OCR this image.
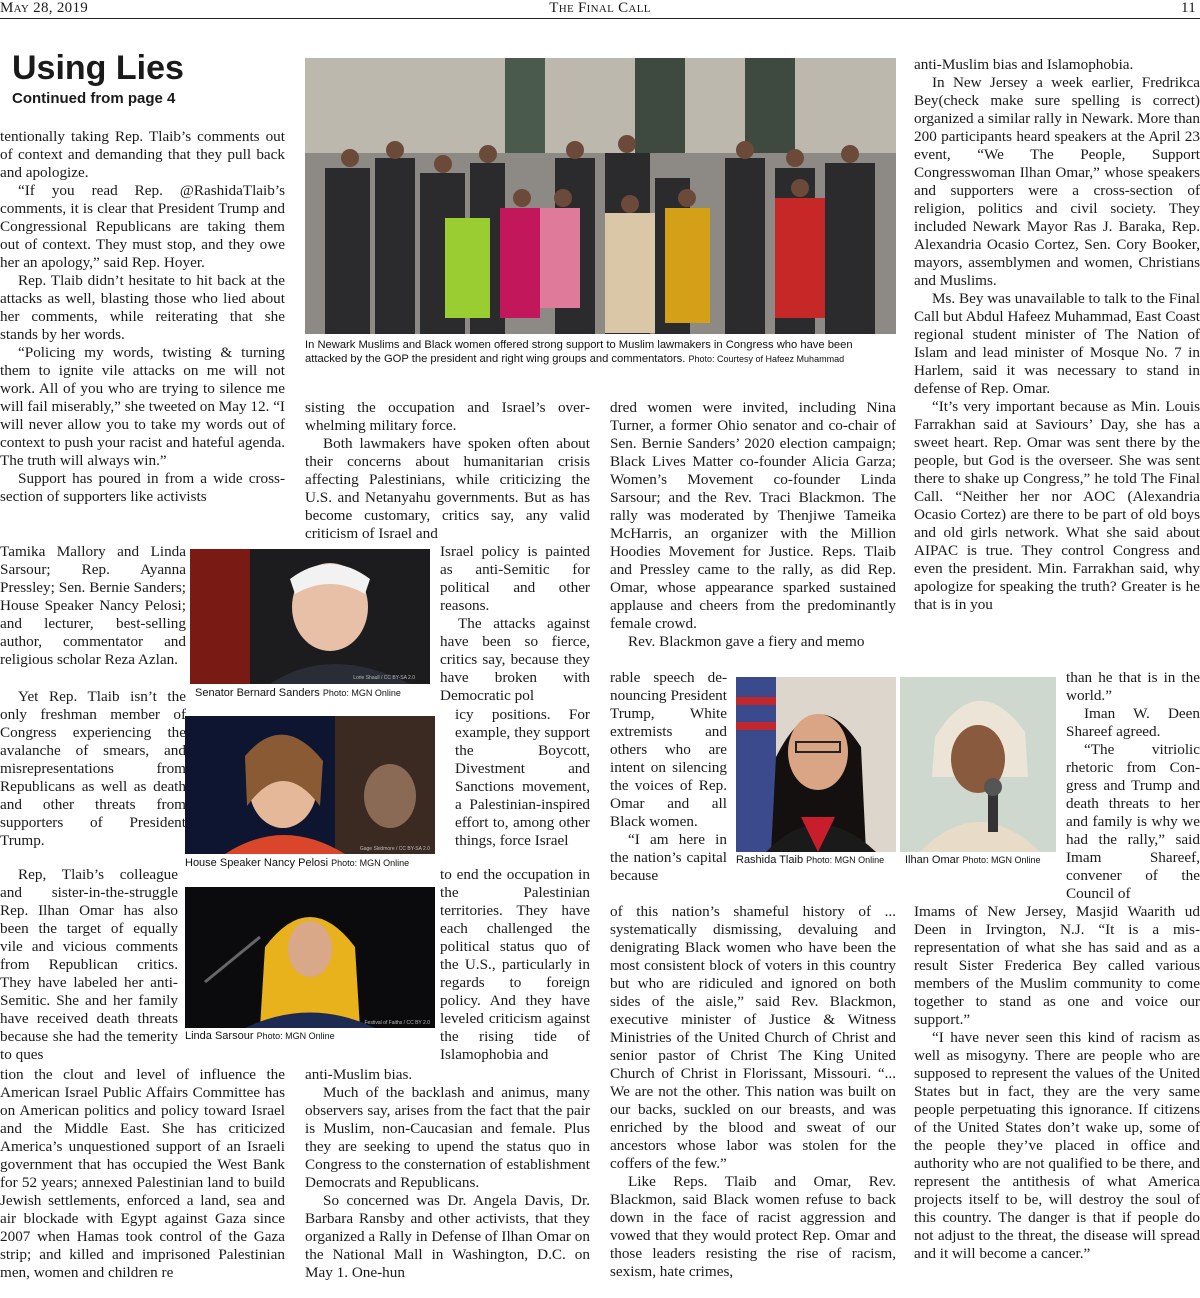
May 28, 2019	The Final Call	11
Using Lies
Continued from page 4
In Newark Muslims and Black women offered strong support to Muslim lawmakers in Congress who have been attacked by the GOP the president and right wing groups and commentators. Photo: Courtesy of Hafeez Muhammad
Lorie Shaull / CC BY-SA 2.0
Senator Bernard Sanders Photo: MGN Online
Gage Skidmore / CC BY-SA 2.0
House Speaker Nancy Pelosi Photo: MGN Online
Festival of Faiths / CC BY 2.0
Linda Sarsour Photo: MGN Online
Rashida Tlaib Photo: MGN Online	Ilhan Omar Photo: MGN Online

tentionally taking Rep. Tlaib’s comments out of context and demanding that they pull back and apologize.

“If you read Rep. @RashidaTlaib’s comments, it is clear that President Trump and Congressional Republicans are taking them out of context. They must stop, and they owe her an apology,” said Rep. Hoyer.

Rep. Tlaib didn’t hesitate to hit back at the attacks as well, blasting those who lied about her comments, while reiterating that she stands by her words.

“Policing my words, twisting & turning them to ignite vile attacks on me will not work. All of you who are trying to silence me will fail miserably,” she tweeted on May 12. “I will never allow you to take my words out of context to push your racist and hateful agenda. The truth will always win.”

Support has poured in from a wide cross-section of supporters like activists

Tamika Mallory and Linda Sarsour; Rep. Ayanna Pressley; Sen. Bernie Sanders; House Speaker Nancy Pelosi; and lecturer, best-selling author, commentator and religious scholar Reza Azlan.

Yet Rep. Tlaib isn’t the only freshman member of Congress experiencing the avalanche of smears, and misrepresentations from Republicans as well as death and other threats from supporters of President Trump.

Rep, Tlaib’s colleague and sister-in-the-struggle Rep. Ilhan Omar has also been the target of equally vile and vicious comments from Republican critics. They have labeled her anti-Semitic. She and her family have received death threats because she had the temerity to ques

tion the clout and level of influence the American Israel Public Affairs Committee has on American politics and policy toward Israel and the Middle East. She has criticized America’s unquestioned support of an Israeli government that has occupied the West Bank for 52 years; annexed Palestinian land to build Jewish settlements, enforced a land, sea and air blockade with Egypt against Gaza since 2007 when Hamas took control of the Gaza strip; and killed and imprisoned Palestinian men, women and children re

sisting the occupation and Israel’s overwhelming military force.

Both lawmakers have spoken often about their concerns about humanitarian crisis affecting Palestinians, while criticizing the U.S. and Netanyahu governments. But as has become customary, critics say, any valid criticism of Israel and

Israel policy is painted as anti-Semitic for political and other reasons.

The attacks against have been so fierce, critics say, because they have broken with Democratic pol

icy positions. For example, they support the Boycott, Divestment and Sanctions movement, a Palestinian-inspired effort to, among other things, force Israel

to end the occupation in the Palestinian territories. They have each challenged the political status quo of the U.S., particularly in regards to foreign policy. And they have leveled criticism against the rising tide of Islamophobia and

anti-Muslim bias.

Much of the backlash and animus, many observers say, arises from the fact that the pair is Muslim, non-Caucasian and female. Plus they are seeking to upend the status quo in Congress to the consternation of establishment Democrats and Republicans.

So concerned was Dr. Angela Davis, Dr. Barbara Ransby and other activists, that they organized a Rally in Defense of Ilhan Omar on the National Mall in Washington, D.C. on May 1. One-hun

dred women were invited, including Nina Turner, a former Ohio senator and co-chair of Sen. Bernie Sanders’ 2020 election campaign; Black Lives Matter co-founder Alicia Garza; Women’s Movement co-founder Linda Sarsour; and the Rev. Traci Blackmon. The rally was moderated by Thenjiwe Tameika McHarris, an organizer with the Million Hoodies Movement for Justice. Reps. Tlaib and Pressley came to the rally, as did Rep. Omar, whose appearance sparked sustained applause and cheers from the predominantly female crowd.

Rev. Blackmon gave a fiery and memo

rable speech denouncing President Trump, White extremists and others who are intent on silencing the voices of Rep. Omar and all Black women.

“I am here in the nation’s capital because

of this nation’s shameful history of ... systematically dismissing, devaluing and denigrating Black women who have been the most consistent block of voters in this country but who are ridiculed and ignored on both sides of the aisle,” said Rev. Blackmon, executive minister of Justice & Witness Ministries of the United Church of Christ and senior pastor of Christ The King United Church of Christ in Florissant, Missouri. “... We are not the other. This nation was built on our backs, suckled on our breasts, and was enriched by the blood and sweat of our ancestors whose labor was stolen for the coffers of the few.”

Like Reps. Tlaib and Omar, Rev. Blackmon, said Black women refuse to back down in the face of racist aggression and vowed that they would protect Rep. Omar and those leaders resisting the rise of racism, sexism, hate crimes,

anti-Muslim bias and Islamophobia.

In New Jersey a week earlier, Fredrikca Bey(check make sure spelling is correct) organized a similar rally in Newark. More than 200 participants heard speakers at the April 23 event, “We The People, Support Congresswoman Ilhan Omar,” whose speakers and supporters were a cross-section of religion, politics and civil society. They included Newark Mayor Ras J. Baraka, Rep. Alexandria Ocasio Cortez, Sen. Cory Booker, mayors, assemblymen and women, Christians and Muslims.

Ms. Bey was unavailable to talk to the Final Call but Abdul Hafeez Muhammad, East Coast regional student minister of The Nation of Islam and lead minister of Mosque No. 7 in Harlem, said it was necessary to stand in defense of Rep. Omar.

“It’s very important because as Min. Louis Farrakhan said at Saviours’ Day, she has a sweet heart. Rep. Omar was sent there by the people, but God is the overseer. She was sent there to shake up Congress,” he told The Final Call. “Neither her nor AOC (Alexandria Ocasio Cortez) are there to be part of old boys and old girls network. What she said about AIPAC is true. They control Congress and even the president. Min. Farrakhan said, why apologize for speaking the truth? Greater is he that is in you

than he that is in the world.”

Iman W. Deen Shareef agreed.

“The vitriolic rhetoric from Congress and Trump and death threats to her and family is why we had the rally,” said Imam Shareef, convener of the Council of

Imams of New Jersey, Masjid Waarith ud Deen in Irvington, N.J. “It is a misrepresentation of what she has said and as a result Sister Frederica Bey called various members of the Muslim community to come together to stand as one and voice our support.”

“I have never seen this kind of racism as well as misogyny. There are people who are supposed to represent the values of the United States but in fact, they are the very same people perpetuating this ignorance. If citizens of the United States don’t wake up, some of the people they’ve placed in office and authority who are not qualified to be there, and represent the antithesis of what America projects itself to be, will destroy the soul of this country. The danger is that if people do not adjust to the threat, the disease will spread and it will become a cancer.”
